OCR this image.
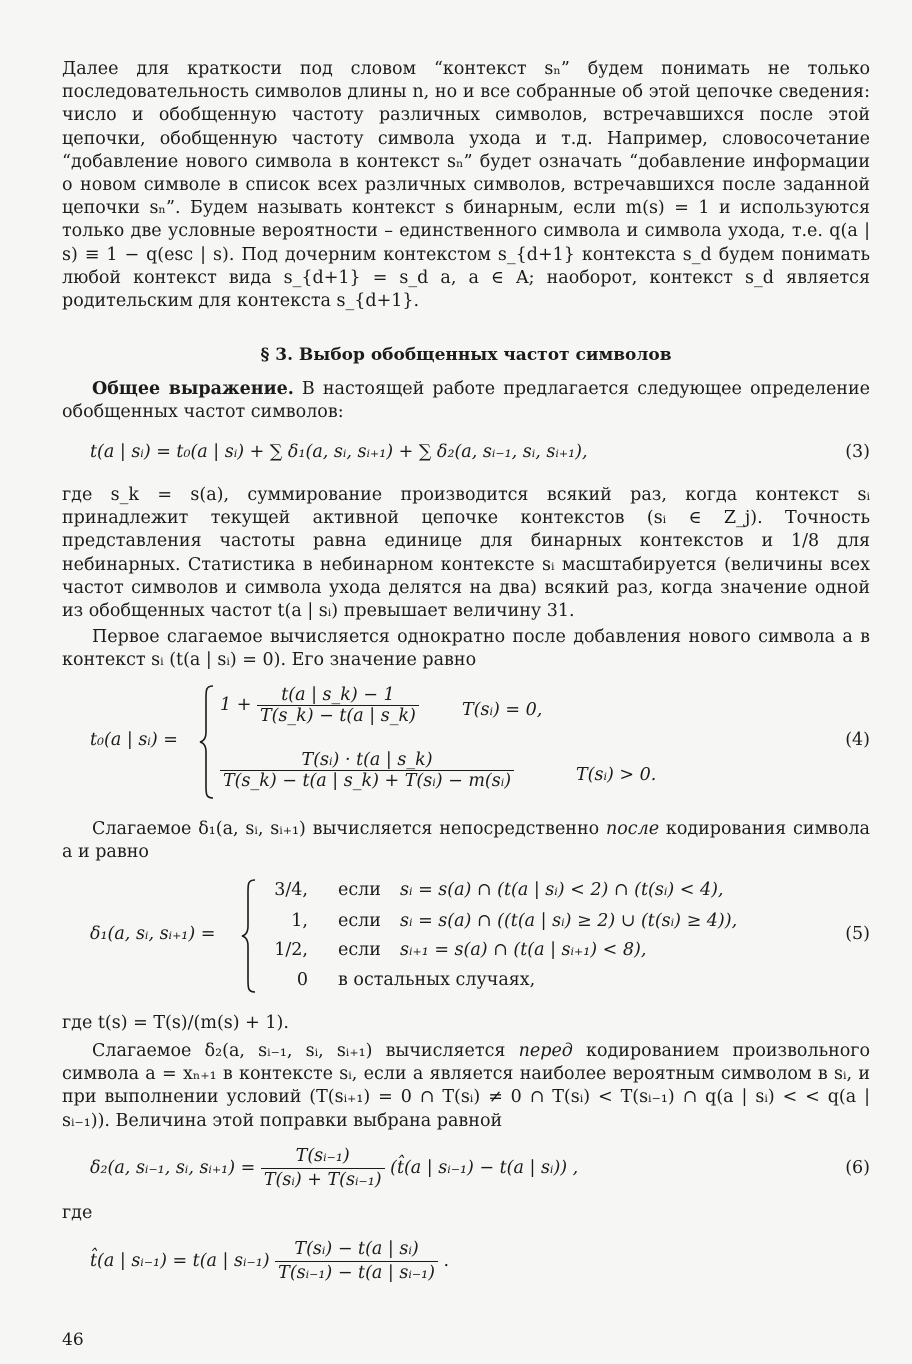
Далее для краткости под словом “контекст sₙ” будем понимать не только последовательность символов длины n, но и все собранные об этой цепочке сведения: число и обобщенную частоту различных символов, встречавшихся после этой цепочки, обобщенную частоту символа ухода и т.д. Например, словосочетание “добавление нового символа в контекст sₙ” будет означать “добавление информации о новом символе в список всех различных символов, встречавшихся после заданной цепочки sₙ”. Будем называть контекст s бинарным, если m(s) = 1 и используются только две условные вероятности – единственного символа и символа ухода, т.е. q(a | s) ≡ 1 − q(esc | s). Под дочерним контекстом s_{d+1} контекста s_d будем понимать любой контекст вида s_{d+1} = s_d a, a ∈ A; наоборот, контекст s_d является родительским для контекста s_{d+1}.
§ 3. Выбор обобщенных частот символов
Общее выражение. В настоящей работе предлагается следующее определение обобщенных частот символов:
t(a | sᵢ) = t₀(a | sᵢ) + ∑ δ₁(a, sᵢ, sᵢ₊₁) + ∑ δ₂(a, sᵢ₋₁, sᵢ, sᵢ₊₁),	(3)
где s_k = s(a), суммирование производится всякий раз, когда контекст sᵢ принадлежит текущей активной цепочке контекстов (sᵢ ∈ Z_j). Точность представления частоты равна единице для бинарных контекстов и 1/8 для небинарных. Статистика в небинарном контексте sᵢ масштабируется (величины всех частот символов и символа ухода делятся на два) всякий раз, когда значение одной из обобщенных частот t(a | sᵢ) превышает величину 31.
Первое слагаемое вычисляется однократно после добавления нового символа a в контекст sᵢ (t(a | sᵢ) = 0). Его значение равно
t₀(a | sᵢ) =
$1 + \frac{t(a | s\_k) - 1}{T(s\_k) - t(a | s\_k)}$ T(sᵢ) = 0,
$\frac{\text{T(sᵢ) · t(a | s\_k)}}{\text{T(s\_k) − t(a | s\_k) + T(sᵢ) − m(sᵢ)}}$	T(sᵢ) > 0.
(4)
Слагаемое δ₁(a, sᵢ, sᵢ₊₁) вычисляется непосредственно после кодирования символа a и равно
δ₁(a, sᵢ, sᵢ₊₁) =
3/4, если sᵢ = s(a) ∩ (t(a | sᵢ) < 2) ∩ (t(sᵢ) < 4),
1, если sᵢ = s(a) ∩ ((t(a | sᵢ) ≥ 2) ∪ (t(sᵢ) ≥ 4)),
1/2, если sᵢ₊₁ = s(a) ∩ (t(a | sᵢ₊₁) < 8),
0 в остальных случаях,
(5)
где t(s) = T(s)/(m(s) + 1).
Слагаемое δ₂(a, sᵢ₋₁, sᵢ, sᵢ₊₁) вычисляется перед кодированием произвольного символа a = xₙ₊₁ в контексте sᵢ, если a является наиболее вероятным символом в sᵢ, и при выполнении условий (T(sᵢ₊₁) = 0 ∩ T(sᵢ) ≠ 0 ∩ T(sᵢ) < T(sᵢ₋₁) ∩ q(a | sᵢ) < < q(a | sᵢ₋₁)). Величина этой поправки выбрана равной
δ₂(a, sᵢ₋₁, sᵢ, sᵢ₊₁) = $\frac{\text{T(sᵢ₋₁)}}{\text{T(sᵢ) + T(sᵢ₋₁)}}$ (t̂(a | sᵢ₋₁) − t(a | sᵢ)) ,	(6)
где
t̂(a | sᵢ₋₁) = t(a | sᵢ₋₁) $\frac{\text{T(sᵢ) − t(a | sᵢ)}}{\text{T(sᵢ₋₁) − t(a | sᵢ₋₁)}}$ .
46
